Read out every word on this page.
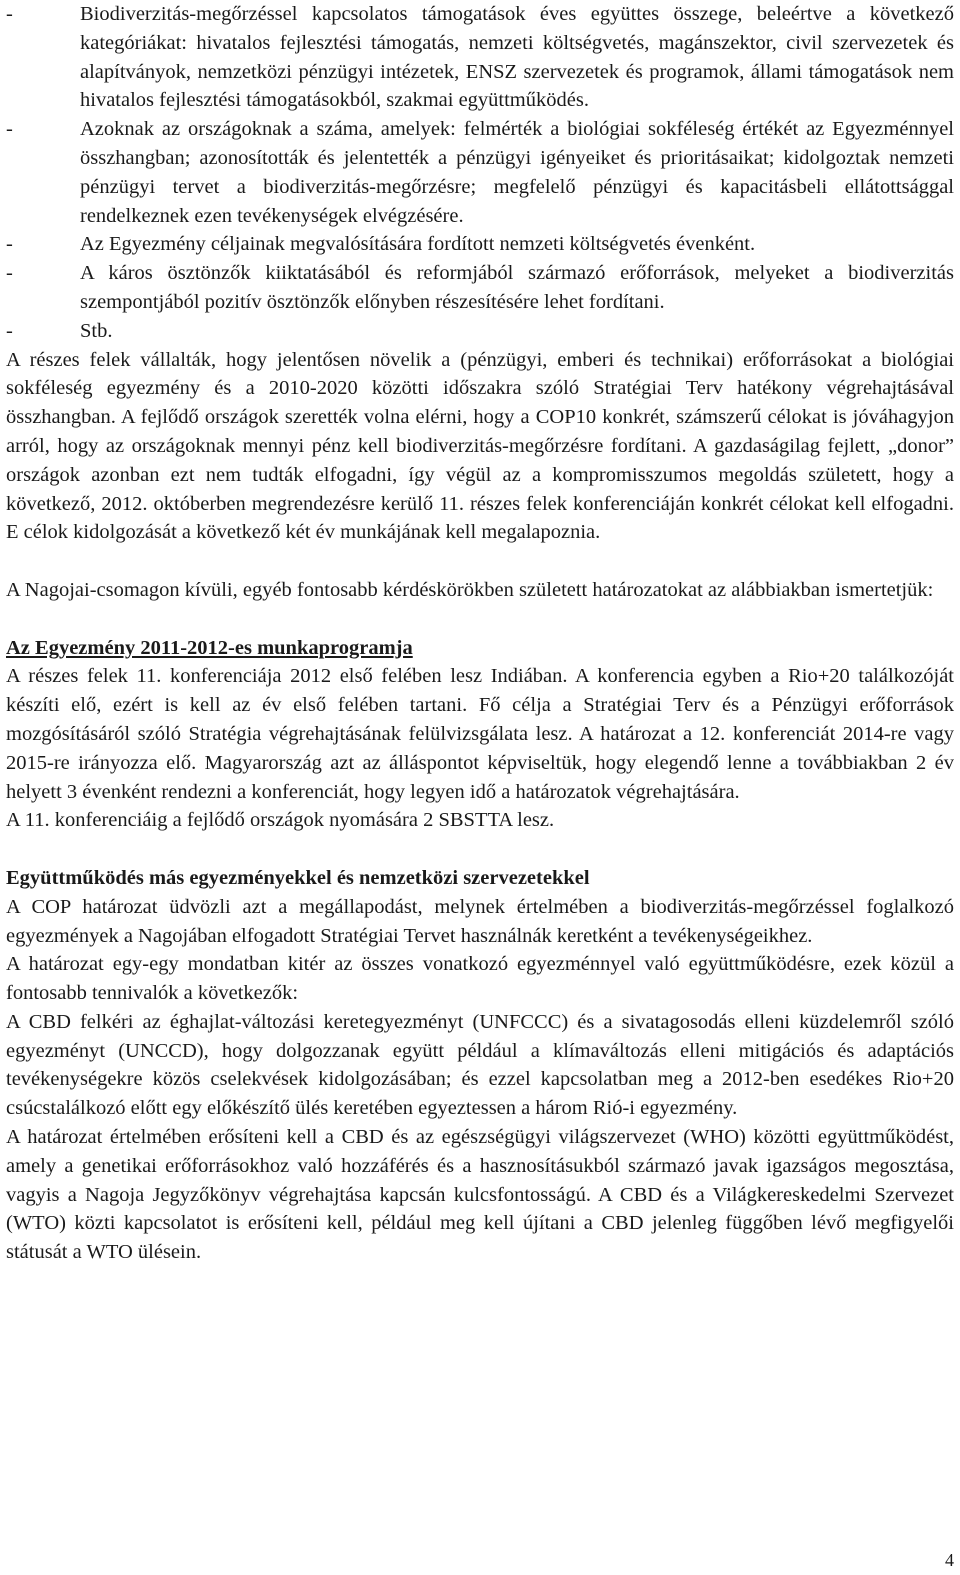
-	Biodiverzitás-megőrzéssel kapcsolatos támogatások éves együttes összege, beleértve a következő kategóriákat: hivatalos fejlesztési támogatás, nemzeti költségvetés, magánszektor, civil szervezetek és alapítványok, nemzetközi pénzügyi intézetek, ENSZ szervezetek és programok, állami támogatások nem hivatalos fejlesztési támogatásokból, szakmai együttműködés.
-	Azoknak az országoknak a száma, amelyek: felmérték a biológiai sokféleség értékét az Egyezménnyel összhangban; azonosították és jelentették a pénzügyi igényeiket és prioritásaikat; kidolgoztak nemzeti pénzügyi tervet a biodiverzitás-megőrzésre; megfelelő pénzügyi és kapacitásbeli ellátottsággal rendelkeznek ezen tevékenységek elvégzésére.
-	Az Egyezmény céljainak megvalósítására fordított nemzeti költségvetés évenként.
-	A káros ösztönzők kiiktatásából és reformjából származó erőforrások, melyeket a biodiverzitás szempontjából pozitív ösztönzők előnyben részesítésére lehet fordítani.
-	Stb.

A részes felek vállalták, hogy jelentősen növelik a (pénzügyi, emberi és technikai) erőforrásokat a biológiai sokféleség egyezmény és a 2010-2020 közötti időszakra szóló Stratégiai Terv hatékony végrehajtásával összhangban. A fejlődő országok szerették volna elérni, hogy a COP10 konkrét, számszerű célokat is jóváhagyjon arról, hogy az országoknak mennyi pénz kell biodiverzitás-megőrzésre fordítani. A gazdaságilag fejlett, „donor” országok azonban ezt nem tudták elfogadni, így végül az a kompromisszumos megoldás született, hogy a következő, 2012. októberben megrendezésre kerülő 11. részes felek konferenciáján konkrét célokat kell elfogadni. E célok kidolgozását a következő két év munkájának kell megalapoznia.

A Nagojai-csomagon kívüli, egyéb fontosabb kérdéskörökben született határozatokat az alábbiakban ismertetjük:

Az Egyezmény 2011-2012-es munkaprogramja

A részes felek 11. konferenciája 2012 első felében lesz Indiában. A konferencia egyben a Rio+20 találkozóját készíti elő, ezért is kell az év első felében tartani. Fő célja a Stratégiai Terv és a Pénzügyi erőforrások mozgósításáról szóló Stratégia végrehajtásának felülvizsgálata lesz. A határozat a 12. konferenciát 2014-re vagy 2015-re irányozza elő. Magyarország azt az álláspontot képviseltük, hogy elegendő lenne a továbbiakban 2 év helyett 3 évenként rendezni a konferenciát, hogy legyen idő a határozatok végrehajtására.

A 11. konferenciáig a fejlődő országok nyomására 2 SBSTTA lesz.

Együttműködés más egyezményekkel és nemzetközi szervezetekkel

A COP határozat üdvözli azt a megállapodást, melynek értelmében a biodiverzitás-megőrzéssel foglalkozó egyezmények a Nagojában elfogadott Stratégiai Tervet használnák keretként a tevékenységeikhez.

A határozat egy-egy mondatban kitér az összes vonatkozó egyezménnyel való együttműködésre, ezek közül a fontosabb tennivalók a következők:

A CBD felkéri az éghajlat-változási keretegyezményt (UNFCCC) és a sivatagosodás elleni küzdelemről szóló egyezményt (UNCCD), hogy dolgozzanak együtt például a klímaváltozás elleni mitigációs és adaptációs tevékenységekre közös cselekvések kidolgozásában; és ezzel kapcsolatban meg a 2012-ben esedékes Rio+20 csúcstalálkozó előtt egy előkészítő ülés keretében egyeztessen a három Rió-i egyezmény.

A határozat értelmében erősíteni kell a CBD és az egészségügyi világszervezet (WHO) közötti együttműködést, amely a genetikai erőforrásokhoz való hozzáférés és a hasznosításukból származó javak igazságos megosztása, vagyis a Nagoja Jegyzőkönyv végrehajtása kapcsán kulcsfontosságú. A CBD és a Világkereskedelmi Szervezet (WTO) közti kapcsolatot is erősíteni kell, például meg kell újítani a CBD jelenleg függőben lévő megfigyelői státusát a WTO ülésein.

4
